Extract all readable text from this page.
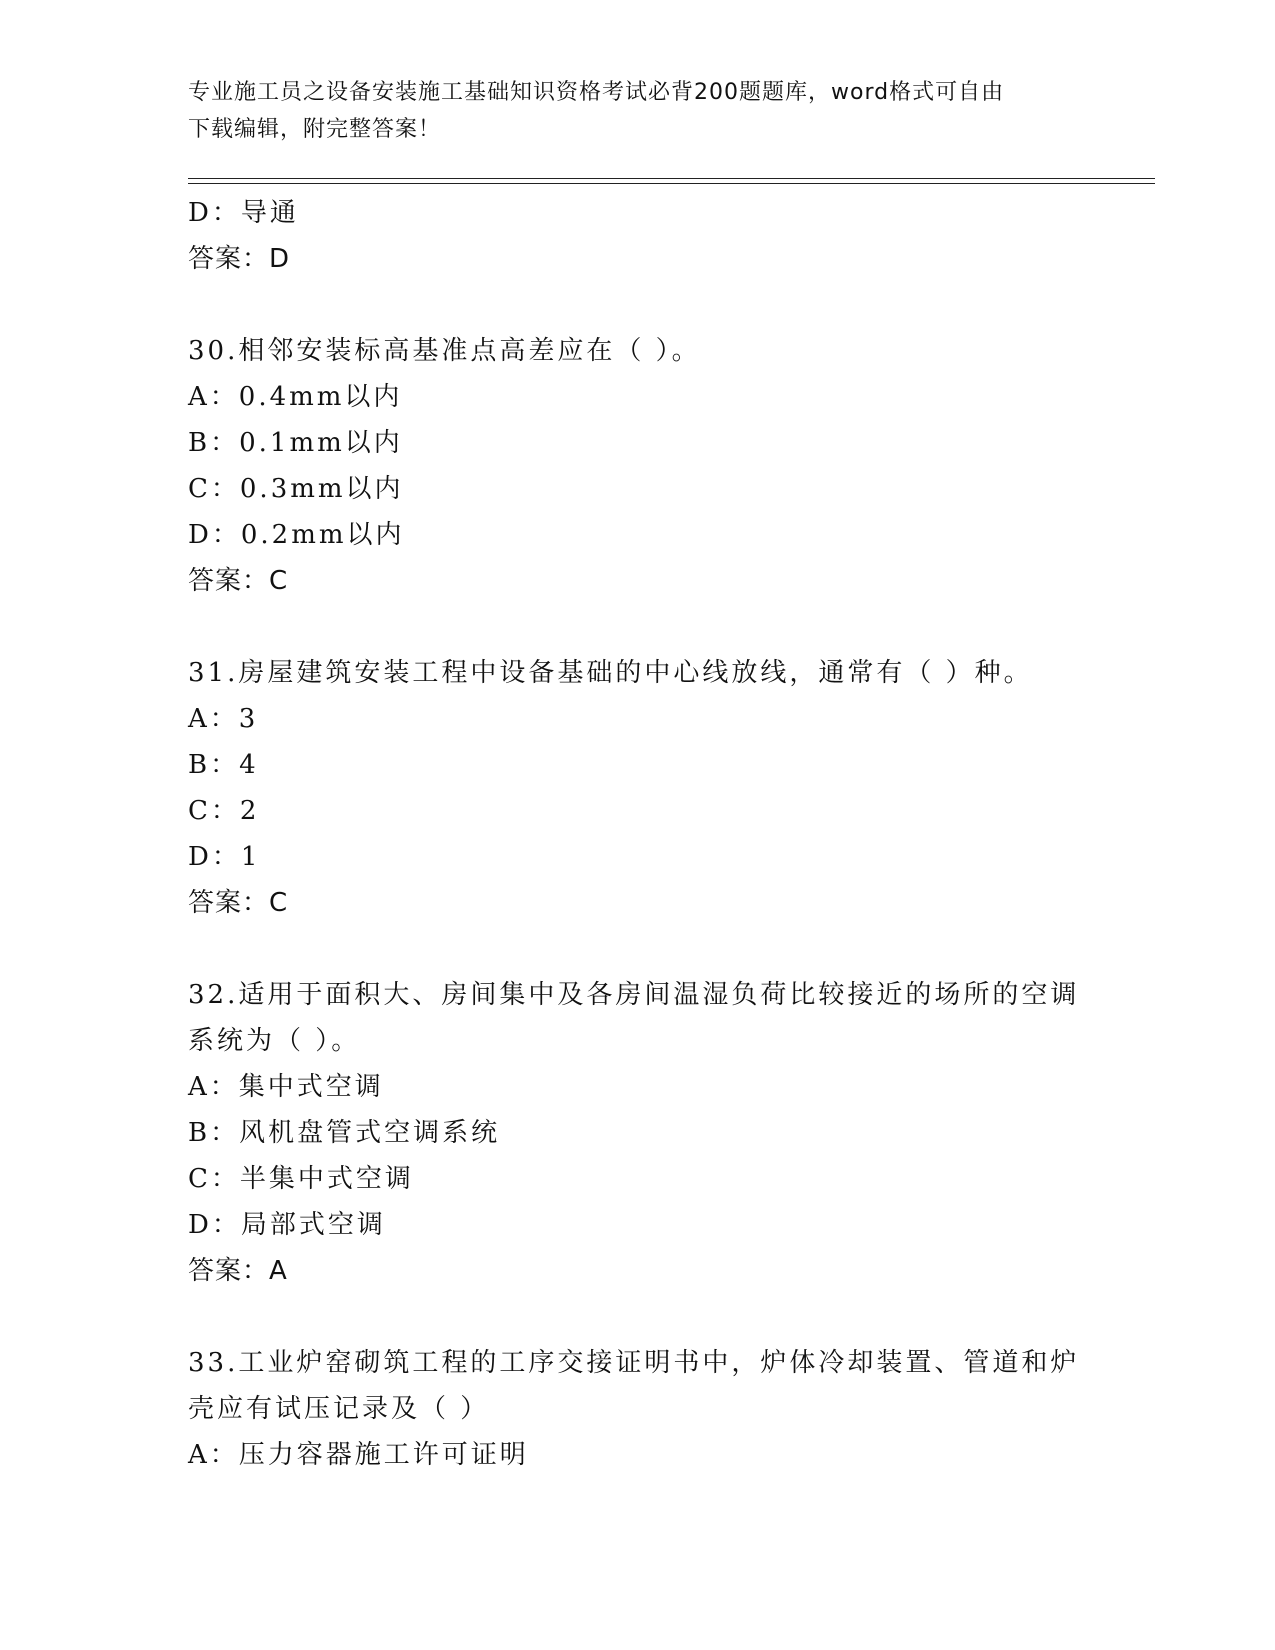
专业施工员之设备安装施工基础知识资格考试必背200题题库，word格式可自由
下载编辑，附完整答案！
D：导通
答案：D
30.相邻安装标高基准点高差应在（ ）。
A：0.4mm以内
B：0.1mm以内
C：0.3mm以内
D：0.2mm以内
答案：C
31.房屋建筑安装工程中设备基础的中心线放线，通常有（ ）种。
A：3
B：4
C：2
D：1
答案：C
32.适用于面积大、房间集中及各房间温湿负荷比较接近的场所的空调
系统为（ ）。
A：集中式空调
B：风机盘管式空调系统
C：半集中式空调
D：局部式空调
答案：A
33.工业炉窑砌筑工程的工序交接证明书中，炉体冷却装置、管道和炉
壳应有试压记录及（ ）
A：压力容器施工许可证明
